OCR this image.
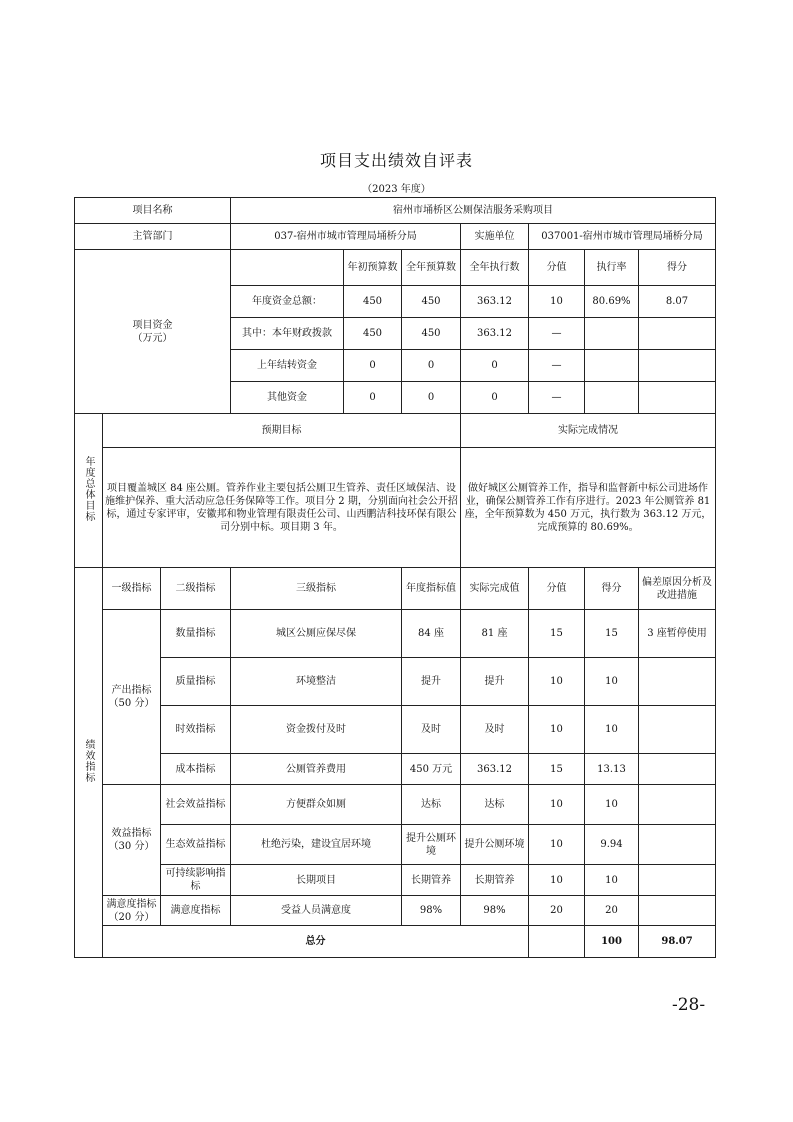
项目支出绩效自评表
（2023 年度）
项目名称			宿州市埇桥区公厕保洁服务采购项目							
主管部门			037-宿州市城市管理局埇桥分局			实施单位	037001-宿州市城市管理局埇桥分局			
项目资金
（万元）				年初预算数	全年预算数	全年执行数	分值	执行率	得分	
			年度资金总额：	450	450	363.12	10	80.69%	8.07	
			其中：本年财政拨款	450	450	363.12	—			
			上年结转资金	0	0	0	—			
			其他资金	0	0	0	—			
年度总体目标	预期目标					实际完成情况				
	项目覆盖城区 84 座公厕。管养作业主要包括公厕卫生管养、责任区域保洁、设施维护保养、重大活动应急任务保障等工作。项目分 2 期，分别面向社会公开招标，通过专家评审，安徽邦和物业管理有限责任公司、山西鹏洁科技环保有限公司分别中标。项目期 3 年。					做好城区公厕管养工作，指导和监督新中标公司进场作业，确保公厕管养工作有序进行。2023 年公厕管养 81 座，全年预算数为 450 万元，执行数为 363.12 万元，完成预算的 80.69%。				
绩效指标	一级指标	二级指标	三级指标		年度指标值	实际完成值	分值	得分	偏差原因分析及改进措施	
	产出指标
（50 分）	数量指标	城区公厕应保尽保		84 座	81 座	15	15	3 座暂停使用	
		质量指标	环境整洁		提升	提升	10	10		
		时效指标	资金拨付及时		及时	及时	10	10		
		成本指标	公厕管养费用		450 万元	363.12	15	13.13		
	效益指标
（30 分）	社会效益指标	方便群众如厕		达标	达标	10	10		
		生态效益指标	杜绝污染，建设宜居环境		提升公厕环境	提升公厕环境	10	9.94		
		可持续影响指标	长期项目		长期管养	长期管养	10	10		
	满意度指标
（20 分）	满意度指标	受益人员满意度		98%	98%	20	20		
	总分							100	98.07	
-28-
